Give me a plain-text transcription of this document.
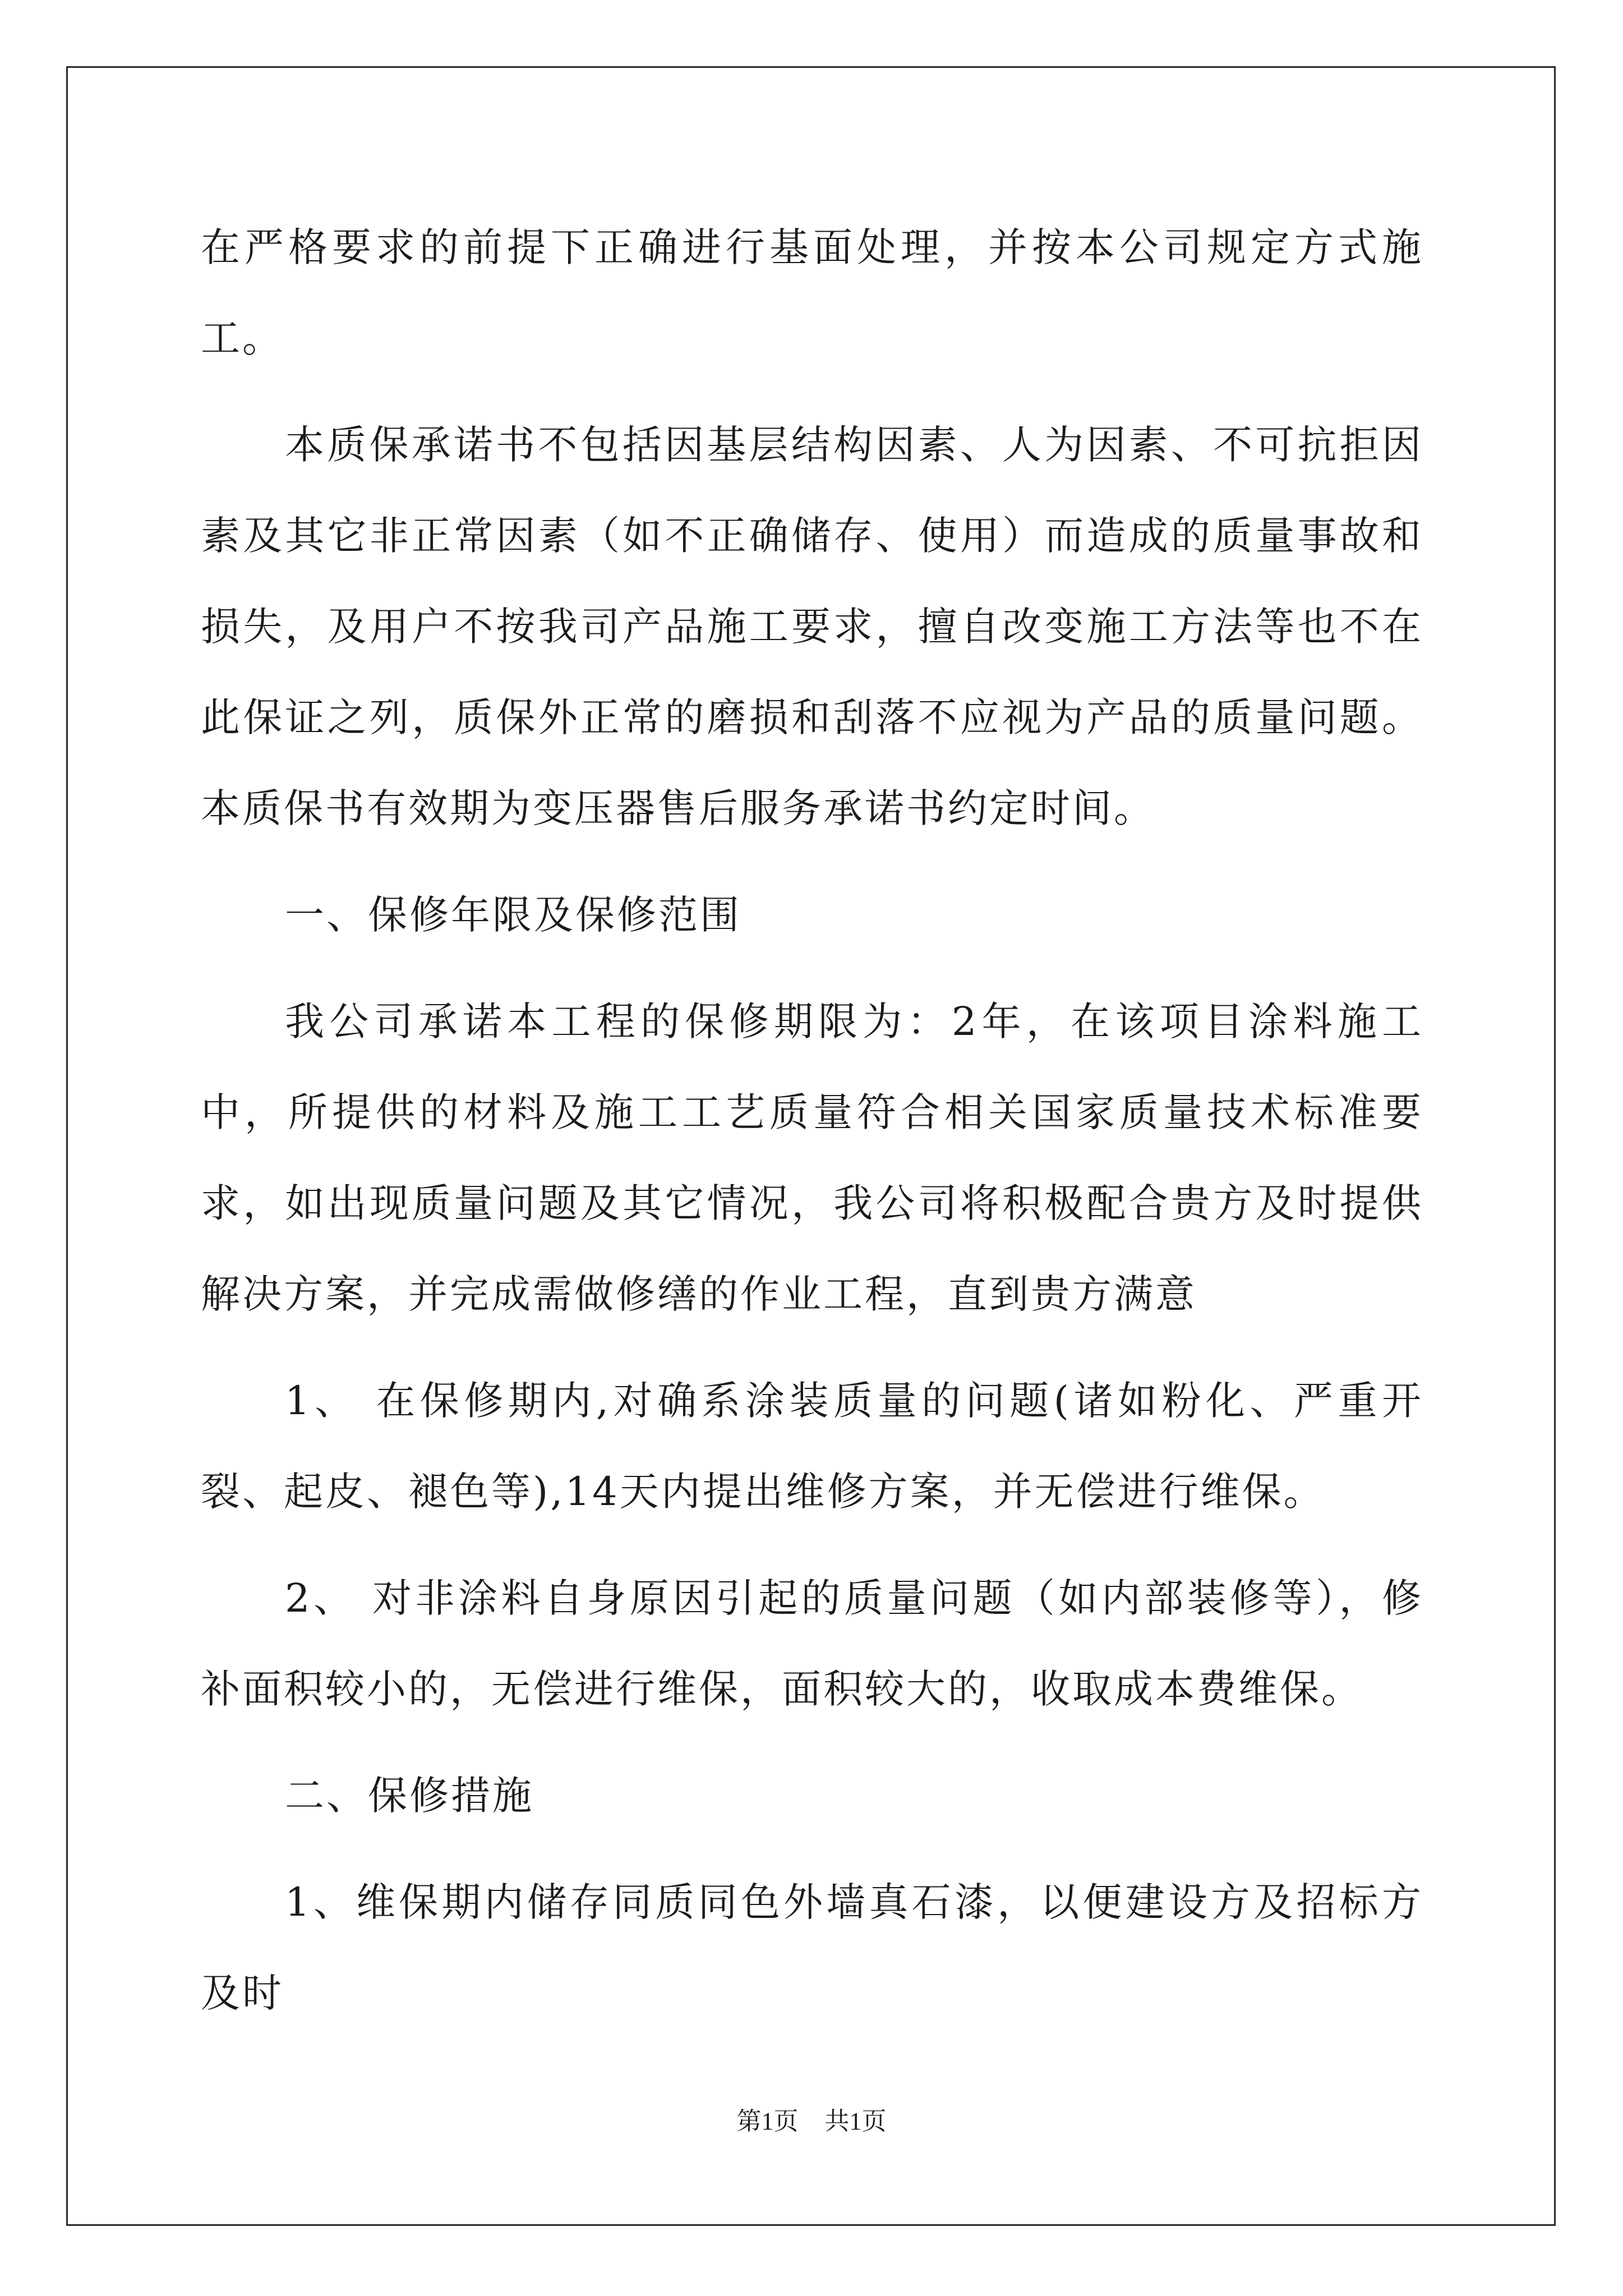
在严格要求的前提下正确进行基面处理，并按本公司规定方式施工。

本质保承诺书不包括因基层结构因素、人为因素、不可抗拒因素及其它非正常因素（如不正确储存、使用）而造成的质量事故和损失，及用户不按我司产品施工要求，擅自改变施工方法等也不在此保证之列，质保外正常的磨损和刮落不应视为产品的质量问题。本质保书有效期为变压器售后服务承诺书约定时间。

一、保修年限及保修范围

我公司承诺本工程的保修期限为：2年，在该项目涂料施工中，所提供的材料及施工工艺质量符合相关国家质量技术标准要求，如出现质量问题及其它情况，我公司将积极配合贵方及时提供解决方案，并完成需做修缮的作业工程，直到贵方满意

1、 在保修期内,对确系涂装质量的问题(诸如粉化、严重开裂、起皮、褪色等),14天内提出维修方案，并无偿进行维保。

2、 对非涂料自身原因引起的质量问题（如内部装修等），修补面积较小的，无偿进行维保，面积较大的，收取成本费维保。

二、保修措施

1、维保期内储存同质同色外墙真石漆，以便建设方及招标方及时

第1页 共1页
